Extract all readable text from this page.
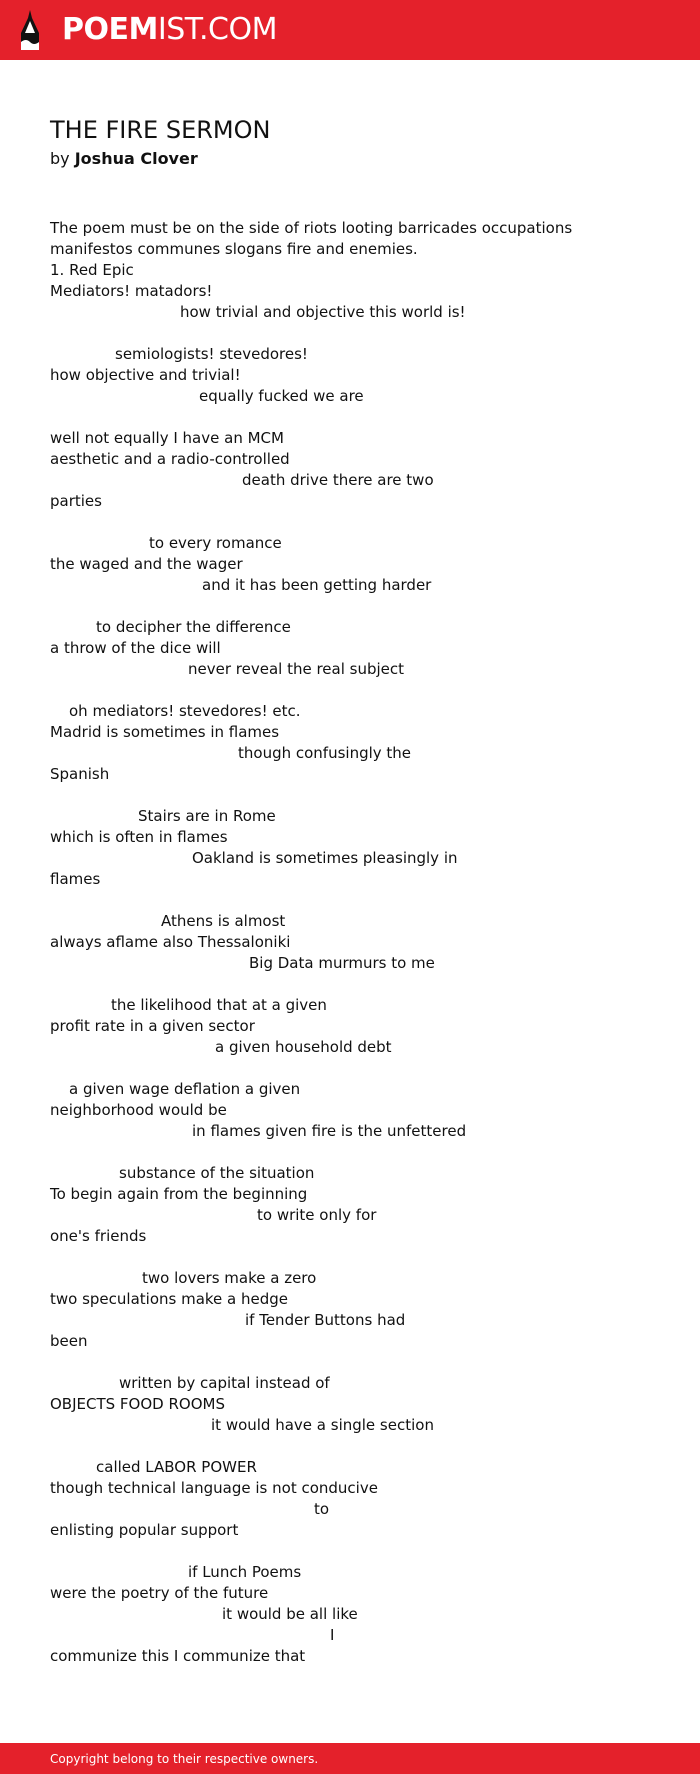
POEMIST.COM
THE FIRE SERMON
by Joshua Clover
The poem must be on the side of riots looting barricades occupations
manifestos communes slogans fire and enemies.
1. Red Epic
Mediators! matadors!
how trivial and objective this world is!
semiologists! stevedores!
how objective and trivial!
equally fucked we are
well not equally I have an MCM
aesthetic and a radio-controlled
death drive there are two
parties
to every romance
the waged and the wager
and it has been getting harder
to decipher the difference
a throw of the dice will
never reveal the real subject
oh mediators! stevedores! etc.
Madrid is sometimes in flames
though confusingly the
Spanish
Stairs are in Rome
which is often in flames
Oakland is sometimes pleasingly in
flames
Athens is almost
always aflame also Thessaloniki
Big Data murmurs to me
the likelihood that at a given
profit rate in a given sector
a given household debt
a given wage deflation a given
neighborhood would be
in flames given fire is the unfettered
substance of the situation
To begin again from the beginning
to write only for
one's friends
two lovers make a zero
two speculations make a hedge
if Tender Buttons had
been
written by capital instead of
OBJECTS FOOD ROOMS
it would have a single section
called LABOR POWER
though technical language is not conducive
to
enlisting popular support
if Lunch Poems
were the poetry of the future
it would be all like
I
communize this I communize that
Copyright belong to their respective owners.
